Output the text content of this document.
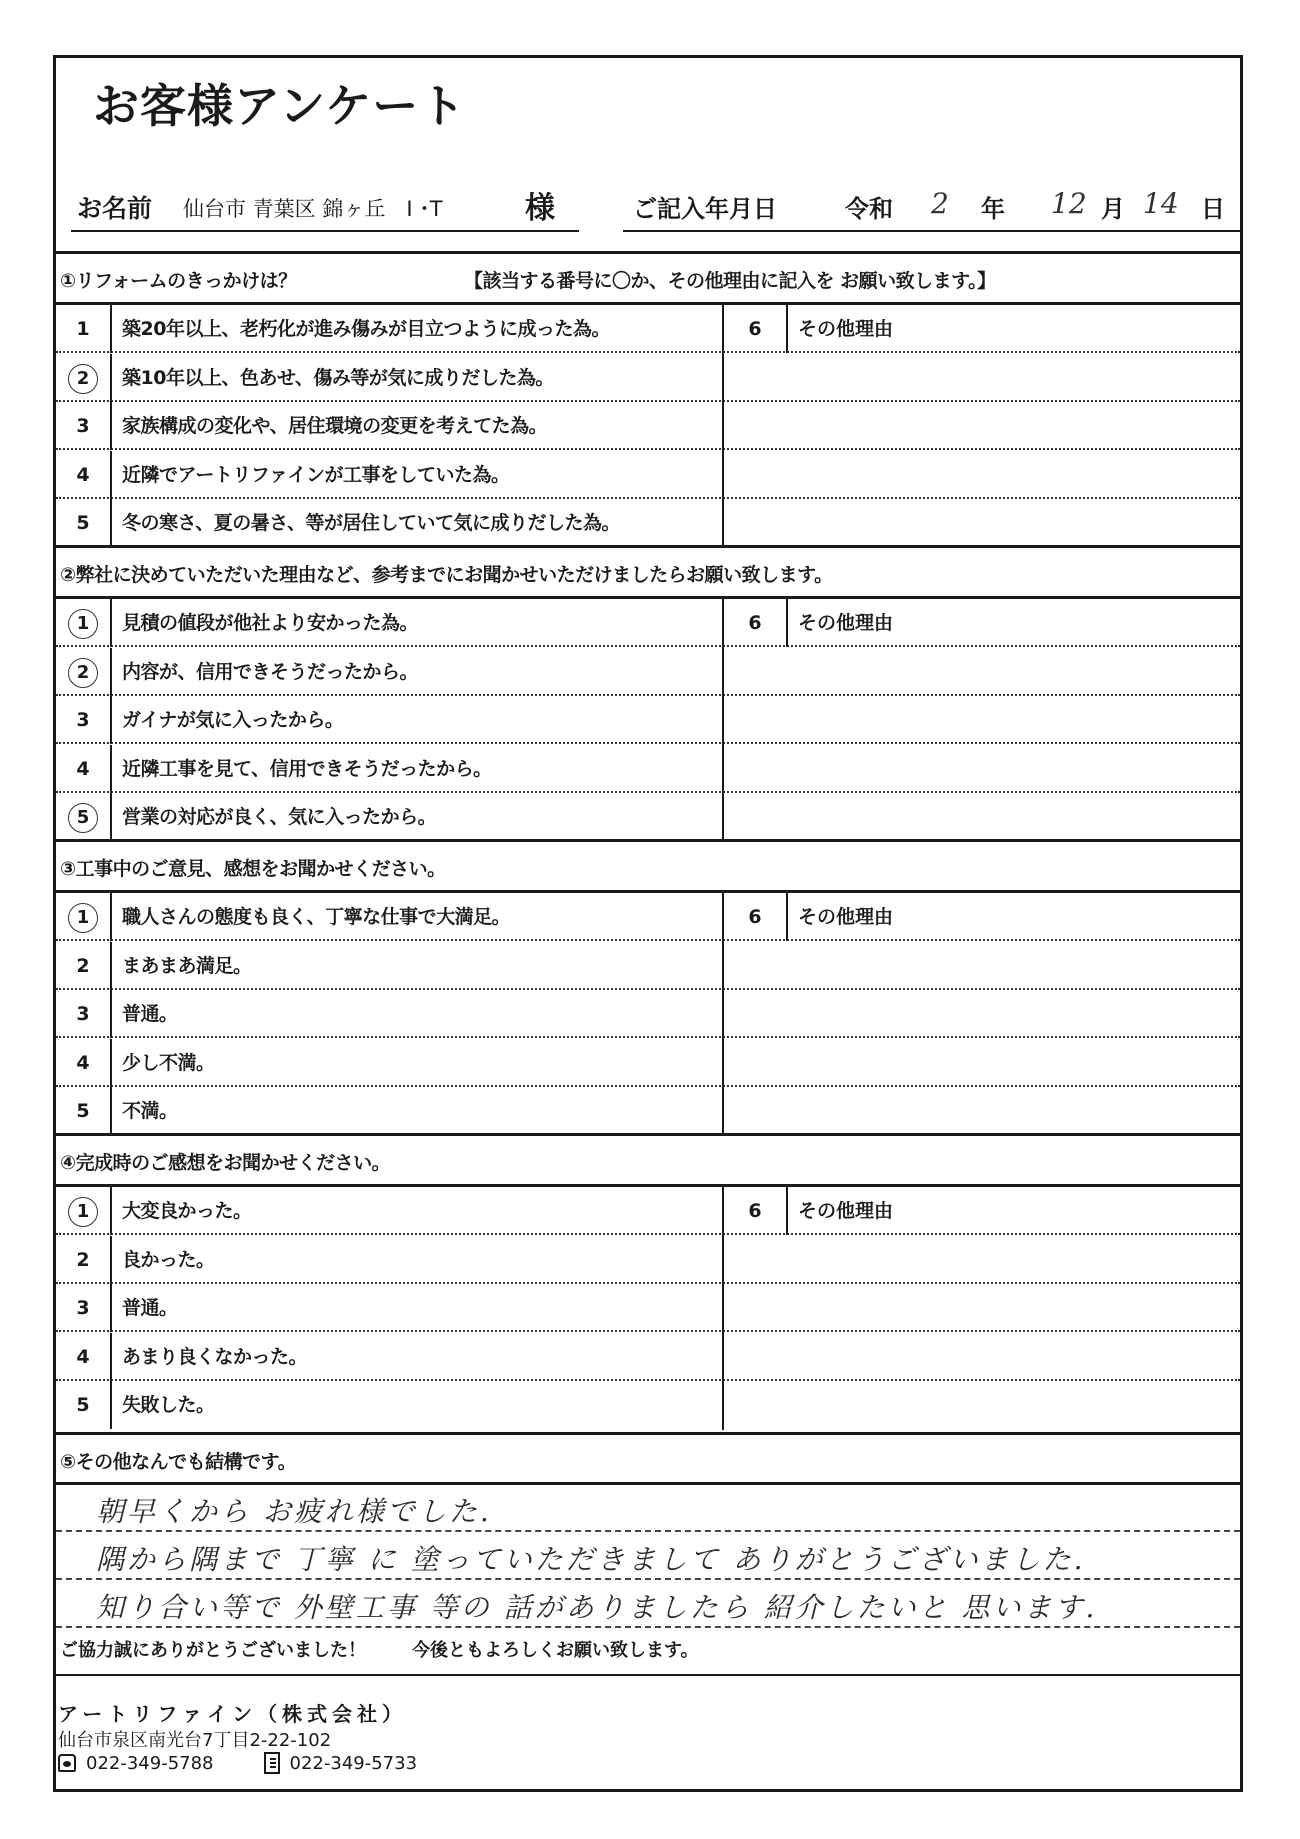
お客様アンケート
お名前 仙台市 青葉区 錦ヶ丘　I ･T	様	ご記入年月日	令和 2 年 12 月 14 日
①リフォームのきっかけは？	【該当する番号に〇か、その他理由に記入を お願い致します。】
1	築20年以上、老朽化が進み傷みが目立つように成った為。	6	その他理由
2	築10年以上、色あせ、傷み等が気に成りだした為。
3	家族構成の変化や、居住環境の変更を考えてた為。
4	近隣でアートリファインが工事をしていた為。
5	冬の寒さ、夏の暑さ、等が居住していて気に成りだした為。
②弊社に決めていただいた理由など、参考までにお聞かせいただけましたらお願い致します。
1	見積の値段が他社より安かった為。	6	その他理由
2	内容が、信用できそうだったから。
3	ガイナが気に入ったから。
4	近隣工事を見て、信用できそうだったから。
5	営業の対応が良く、気に入ったから。
③工事中のご意見、感想をお聞かせください。
1	職人さんの態度も良く、丁寧な仕事で大満足。	6	その他理由
2	まあまあ満足。
3	普通。
4	少し不満。
5	不満。
④完成時のご感想をお聞かせください。
1	大変良かった。	6	その他理由
2	良かった。
3	普通。
4	あまり良くなかった。
5	失敗した。
⑤その他なんでも結構です。
朝早くから お疲れ様でした.
隅から隅まで 丁寧 に 塗っていただきまして ありがとうございました.
知り合い等で 外壁工事 等の 話がありましたら 紹介したいと 思います.
ご協力誠にありがとうございました！	今後ともよろしくお願い致します。
アートリファイン（株式会社）
仙台市泉区南光台7丁目2-22-102
022-349-5788	022-349-5733
